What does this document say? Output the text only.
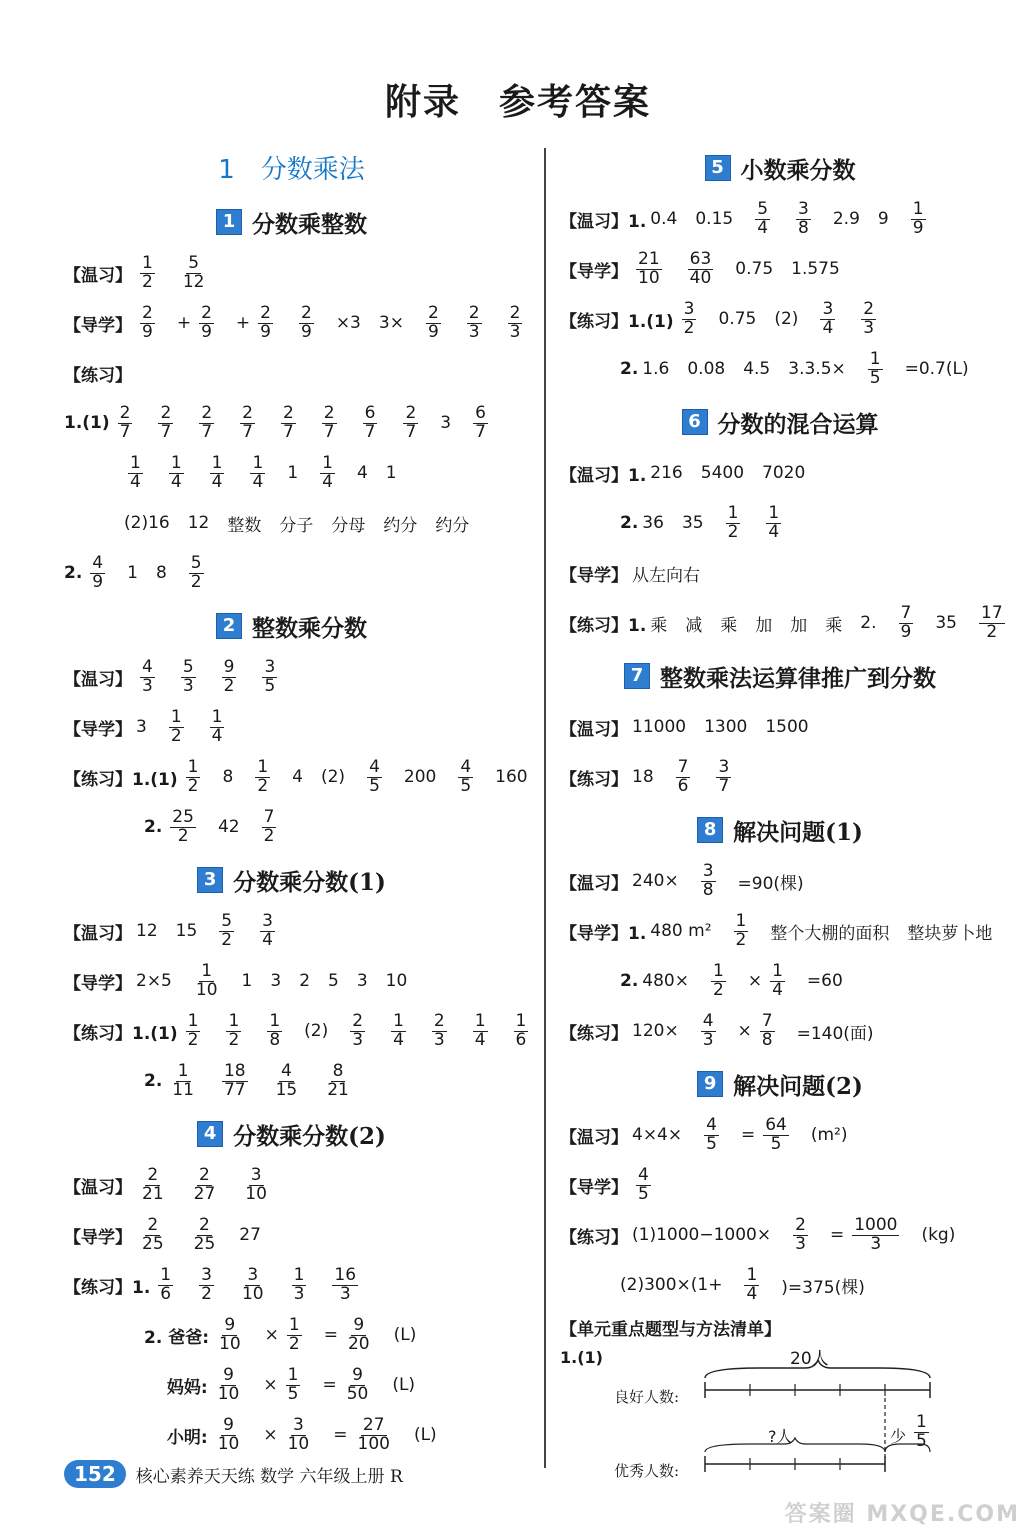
附录　参考答案
1　分数乘法
1 分数乘整数
【温习】 $\frac{1}{2} \frac{5}{12}$
【导学】 $\frac{2}{9} + \frac{2}{9} + \frac{2}{9} \frac{2}{9} \times 3$ $3\times \frac{2}{9} \frac{2}{3} \frac{2}{3}$
【练习】
$1.(1) \frac{2}{7} \frac{2}{7} \frac{2}{7} \frac{2}{7} \frac{2}{7} \frac{2}{7} \frac{6}{7} \frac{2}{7} 3 \frac{6}{7}$
$\frac{1}{4} \frac{1}{4} \frac{1}{4} \frac{1}{4} 1 \frac{1}{4} 4$ 1
(2)16 12 整数 分子 分母 约分 约分
2. $\frac{4}{9} 1$ $8 \frac{5}{2}$
2 整数乘分数
【温习】 $\frac{4}{3} \frac{5}{3} \frac{9}{2} \frac{3}{5}$
【导学】 $3 \frac{1}{2} \frac{1}{4}$
【练习】$1.(1) \frac{1}{2} 8 \frac{1}{2} 4$ $(2) \frac{4}{5} 200 \frac{4}{5} 160$
2. $\frac{25}{2} 42 \frac{7}{2}$
3 分数乘分数(1)
【温习】 12 $15 \frac{5}{2} \frac{3}{4}$
【导学】 $2\times 5 \frac{1}{10} 1$ 3 2 5 3 10
【练习】$1.(1) \frac{1}{2} \frac{1}{2} \frac{1}{8} (2) \frac{2}{3} \frac{1}{4} \frac{2}{3} \frac{1}{4} \frac{1}{6}$
2. $\frac{1}{11} \frac{18}{77} \frac{4}{15} \frac{8}{21}$
4 分数乘分数(2)
【温习】 $\frac{2}{21} \frac{2}{27} \frac{3}{10}$
【导学】 $\frac{2}{25} \frac{2}{25} 27$
【练习】1. $\frac{1}{6} \frac{3}{2} \frac{3}{10} \frac{1}{3} \frac{16}{3}$
2. 爸爸: $\frac{9}{10} \times \frac{1}{2} = \frac{9}{20} (L)$
　 妈妈: $\frac{9}{10} \times \frac{1}{5} = \frac{9}{50} (L)$
　 小明: $\frac{9}{10} \times \frac{3}{10} = \frac{27}{100} (L)$
5 小数乘分数
【温习】1. 0.4 $0.15 \frac{5}{4} \frac{3}{8} 2.9$ $9 \frac{1}{9}$
【导学】 $\frac{21}{10} \frac{63}{40} 0.75$ 1.575
【练习】$1.(1) \frac{3}{2} 0.75$ $(2) \frac{3}{4} \frac{2}{3}$
2. 1.6 0.08 4.5 $3.3.5\times \frac{1}{5} =0.7(L)$
6 分数的混合运算
【温习】1. 216 5400 7020
2. 36 $35 \frac{1}{2} \frac{1}{4}$
【导学】 从左向右
【练习】1. 乘 减 乘 加 加 乘 2. $\frac{7}{9} 35 \frac{17}{2}$
7 整数乘法运算律推广到分数
【温习】 11000 1300 1500
【练习】 $18 \frac{7}{6} \frac{3}{7}$
8 解决问题(1)
【温习】 $240\times \frac{3}{8} =90$(棵)
【导学】1. 480 $m^2 \frac{1}{2}$ 整个大棚的面积 整块萝卜地
2. $480\times \frac{1}{2} \times \frac{1}{4} =60$
【练习】 $120\times \frac{4}{3} \times \frac{7}{8} =140$(面)
9 解决问题(2)
【温习】 $4\times 4\times \frac{4}{5} = \frac{64}{5} (m^2)$
【导学】 $\frac{4}{5}$
【练习】 $(1)1000-1000\times \frac{2}{3} = \frac{1000}{3} (kg)$
$(2)300\times(1+ \frac{1}{4} )=375$(棵)
【单元重点题型与方法清单】
1.(1)	20人
良好人数:
?人	少 $\frac{1}{5}$
优秀人数:
152	核心素养天天练 数学 六年级上册 R
答案圈 MXQE.COM
